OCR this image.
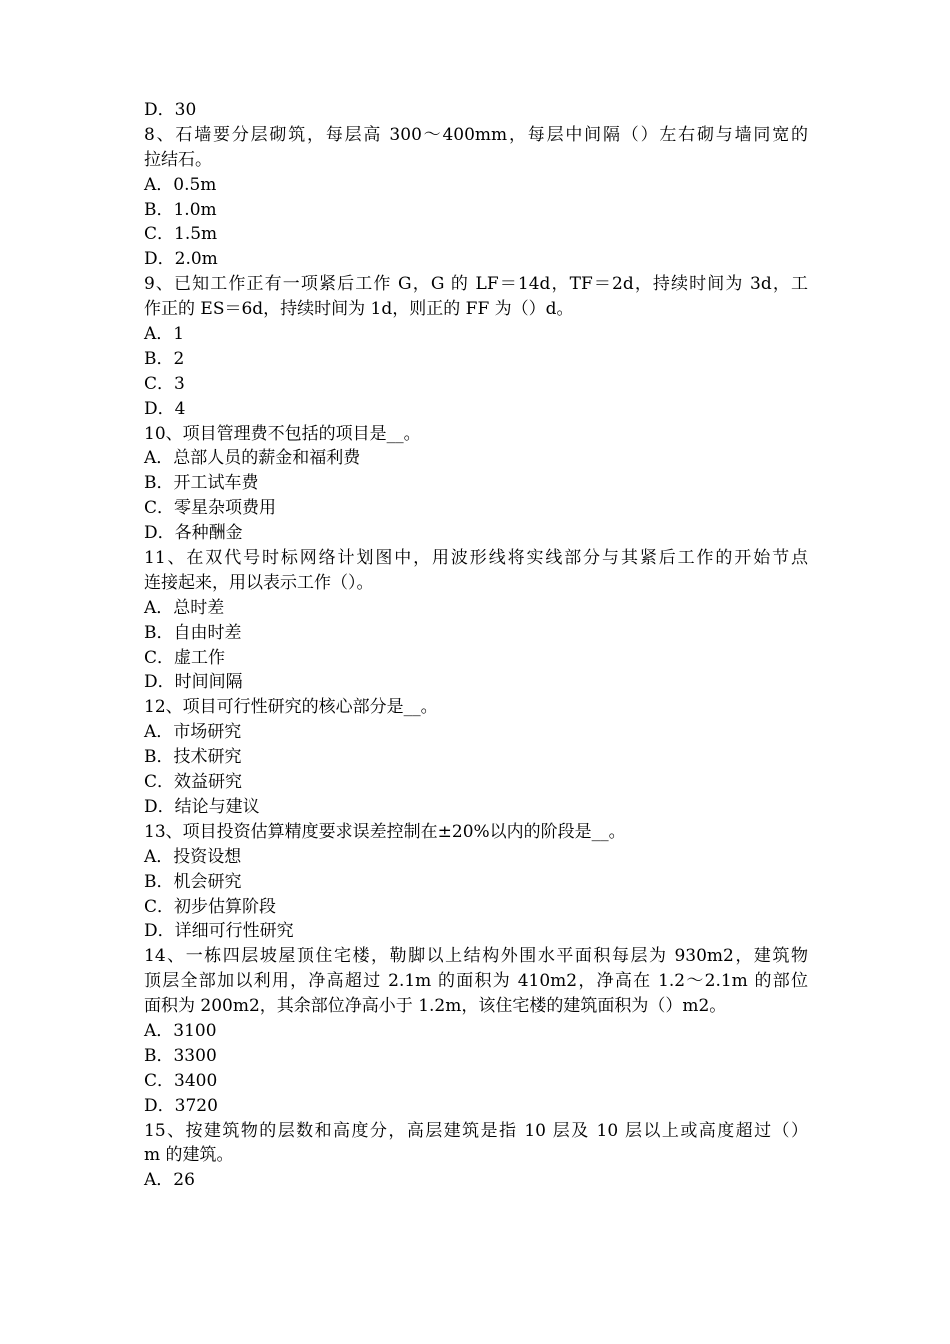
D．30
8、石墙要分层砌筑，每层高 300～400mm，每层中间隔（）左右砌与墙同宽的
拉结石。
A．0.5m
B．1.0m
C．1.5m
D．2.0m
9、已知工作正有一项紧后工作 G，G 的 LF＝14d，TF＝2d，持续时间为 3d，工
作正的 ES＝6d，持续时间为 1d，则正的 FF 为（）d。
A．1
B．2
C．3
D．4
10、项目管理费不包括的项目是__。
A．总部人员的薪金和福利费
B．开工试车费
C．零星杂项费用
D．各种酬金
11、在双代号时标网络计划图中，用波形线将实线部分与其紧后工作的开始节点
连接起来，用以表示工作（）。
A．总时差
B．自由时差
C．虚工作
D．时间间隔
12、项目可行性研究的核心部分是__。
A．市场研究
B．技术研究
C．效益研究
D．结论与建议
13、项目投资估算精度要求误差控制在±20%以内的阶段是__。
A．投资设想
B．机会研究
C．初步估算阶段
D．详细可行性研究
14、一栋四层坡屋顶住宅楼，勒脚以上结构外围水平面积每层为 930m2，建筑物
顶层全部加以利用，净高超过 2.1m 的面积为 410m2，净高在 1.2～2.1m 的部位
面积为 200m2，其余部位净高小于 1.2m，该住宅楼的建筑面积为（）m2。
A．3100
B．3300
C．3400
D．3720
15、按建筑物的层数和高度分，高层建筑是指 10 层及 10 层以上或高度超过（）
m 的建筑。
A．26
